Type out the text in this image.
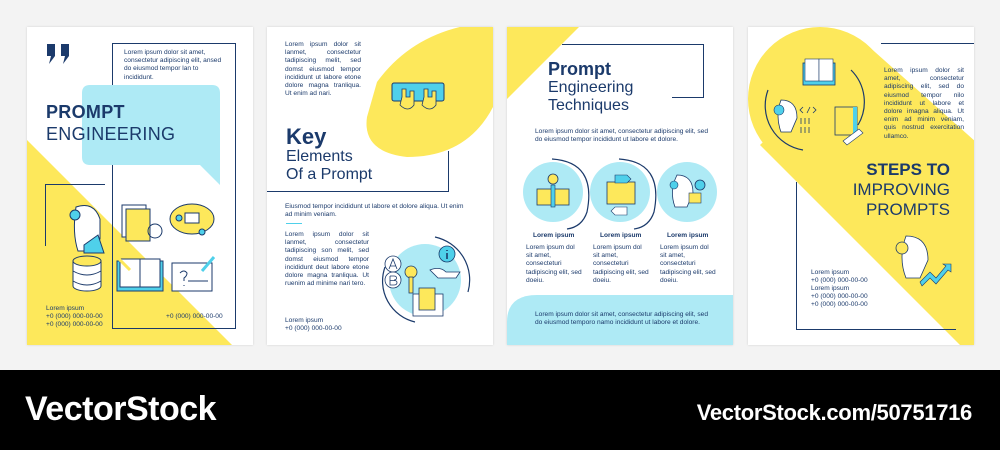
Lorem ipsum dolor sit amet, consectetur adipiscing elit, ansed do eiusmod tempor lan to incididunt.
PROMPT
ENGINEERING
Lorem ipsum
+0 (000) 000-00-00
+0 (000) 000-00-00
+0 (000) 000-00-00
Lorem ipsum dolor sit lanmet, consectetur tadipiscing melit, sed domst eiusmod tempor incididunt ut labore etone dolore magna tranliqua. Ut enim ad nari.
Key
Elements
Of a Prompt
Eiusmod tempor incididunt ut labore et dolore aliqua. Ut enim ad minim veniam.
Lorem ipsum dolor sit lanmet, consectetur tadipiscing son melit, sed domst eiusmod tempor incididunt deut labore etone dolore magna tranliqua. Ut ruenim ad minime nari tero.
Lorem ipsum
+0 (000) 000-00-00
Prompt
Engineering
Techniques
Lorem ipsum dolor sit amet, consectetur adipiscing elit, sed do eiusmod tempor incididunt ut labore et dolore.
Lorem ipsum
Lorem ipsum dol sit amet, consecteturi tadipiscing elit, sed doeiu.
Lorem ipsum
Lorem ipsum dol sit amet, consecteturi tadipiscing elit, sed doeiu.
Lorem ipsum
Lorem ipsum dol sit amet, consecteturi tadipiscing elit, sed doeiu.
Lorem ipsum dolor sit amet, consectetur adipiscing elit, sed do eiusmod temporo namo incididunt ut labore et dolore.
Lorem ipsum dolor sit amet, consectetur adipiscing elit, sed do eiusmod tempor nilo incididunt ut labore et dolore imagna aliqua. Ut enim ad minim veniam, quis nostrud exercitation ullamco.
STEPS TO
IMPROVING
PROMPTS
Lorem ipsum
+0 (000) 000-00-00
Lorem ipsum
+0 (000) 000-00-00
+0 (000) 000-00-00
VectorStock	VectorStock.com/50751716
